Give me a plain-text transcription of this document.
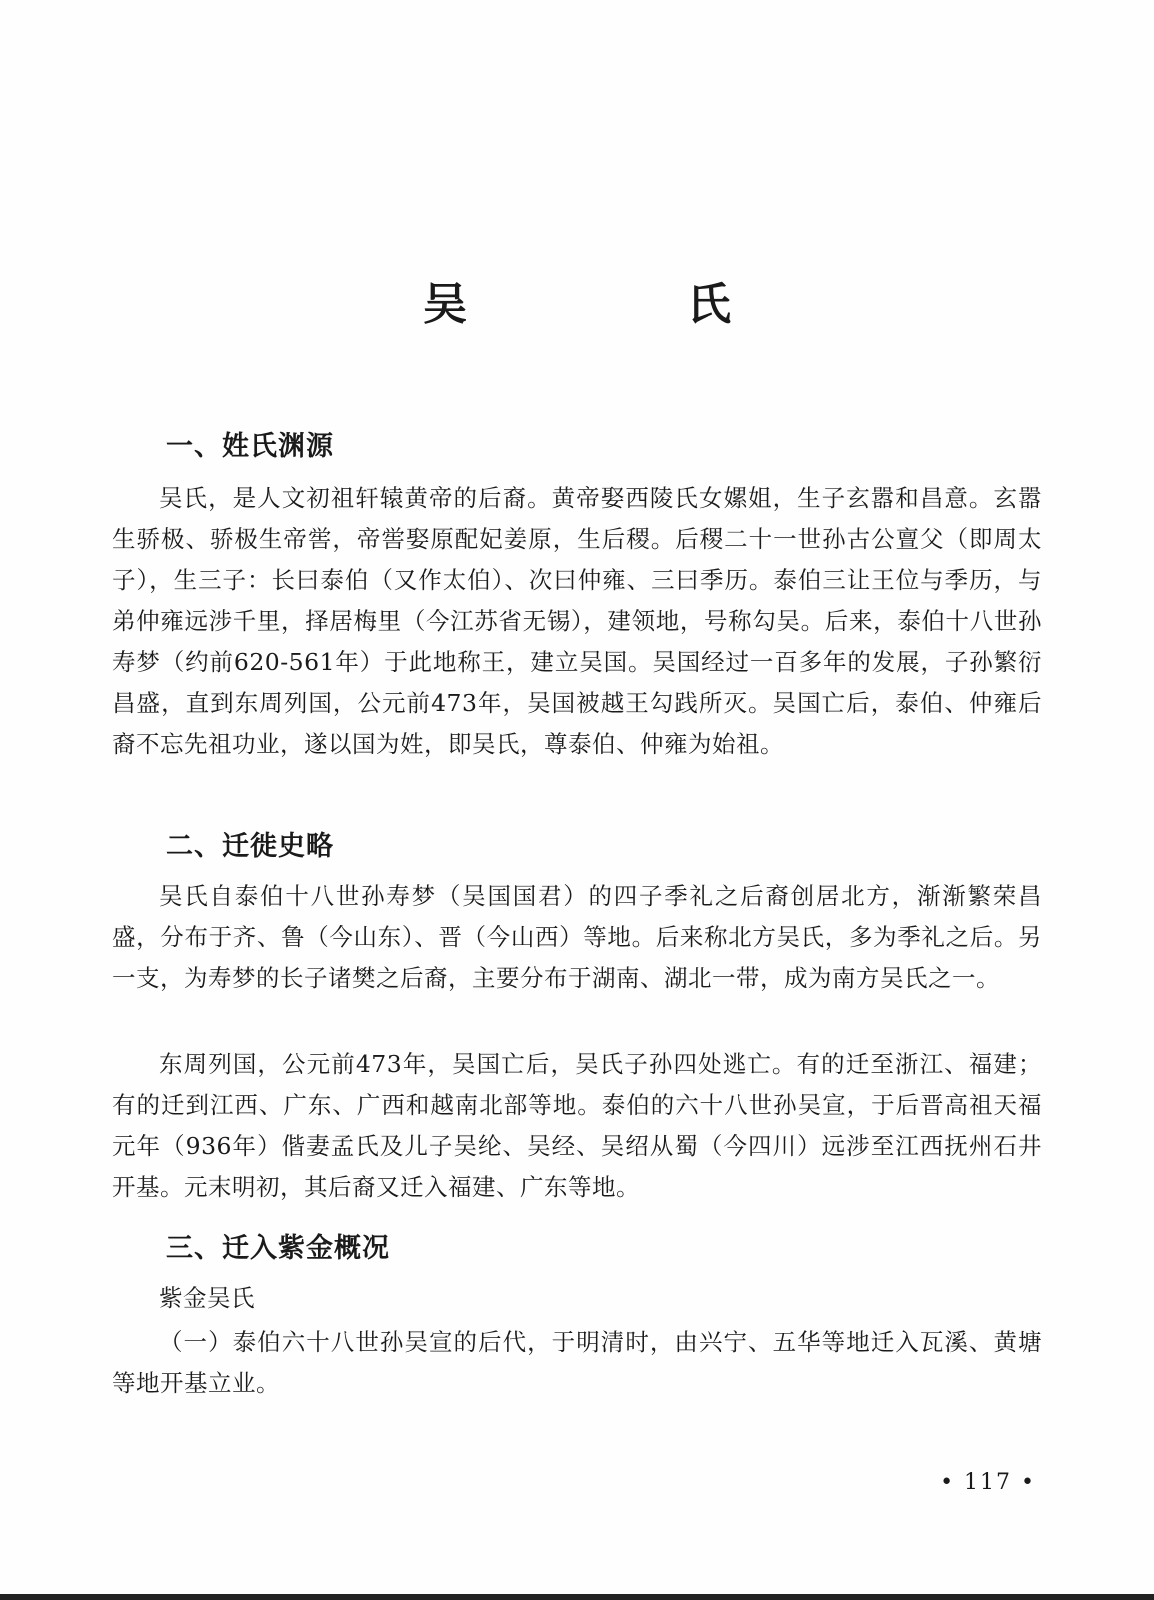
吴　氏
一、姓氏渊源
吴氏，是人文初祖轩辕黄帝的后裔。黄帝娶西陵氏女嫘姐，生子玄嚣和昌意。玄嚣生骄极、骄极生帝喾，帝喾娶原配妃姜原，生后稷。后稷二十一世孙古公亶父（即周太子），生三子：长曰泰伯（又作太伯）、次曰仲雍、三曰季历。泰伯三让王位与季历，与弟仲雍远涉千里，择居梅里（今江苏省无锡），建领地，号称勾吴。后来，泰伯十八世孙寿梦（约前620-561年）于此地称王，建立吴国。吴国经过一百多年的发展，子孙繁衍昌盛，直到东周列国，公元前473年，吴国被越王勾践所灭。吴国亡后，泰伯、仲雍后裔不忘先祖功业，遂以国为姓，即吴氏，尊泰伯、仲雍为始祖。
二、迁徙史略
吴氏自泰伯十八世孙寿梦（吴国国君）的四子季礼之后裔创居北方，渐渐繁荣昌盛，分布于齐、鲁（今山东）、晋（今山西）等地。后来称北方吴氏，多为季礼之后。另一支，为寿梦的长子诸樊之后裔，主要分布于湖南、湖北一带，成为南方吴氏之一。
东周列国，公元前473年，吴国亡后，吴氏子孙四处逃亡。有的迁至浙江、福建；有的迁到江西、广东、广西和越南北部等地。泰伯的六十八世孙吴宣，于后晋高祖天福元年（936年）偕妻孟氏及儿子吴纶、吴经、吴绍从蜀（今四川）远涉至江西抚州石井开基。元末明初，其后裔又迁入福建、广东等地。
三、迁入紫金概况
紫金吴氏
（一）泰伯六十八世孙吴宣的后代，于明清时，由兴宁、五华等地迁入瓦溪、黄塘等地开基立业。
• 117 •
